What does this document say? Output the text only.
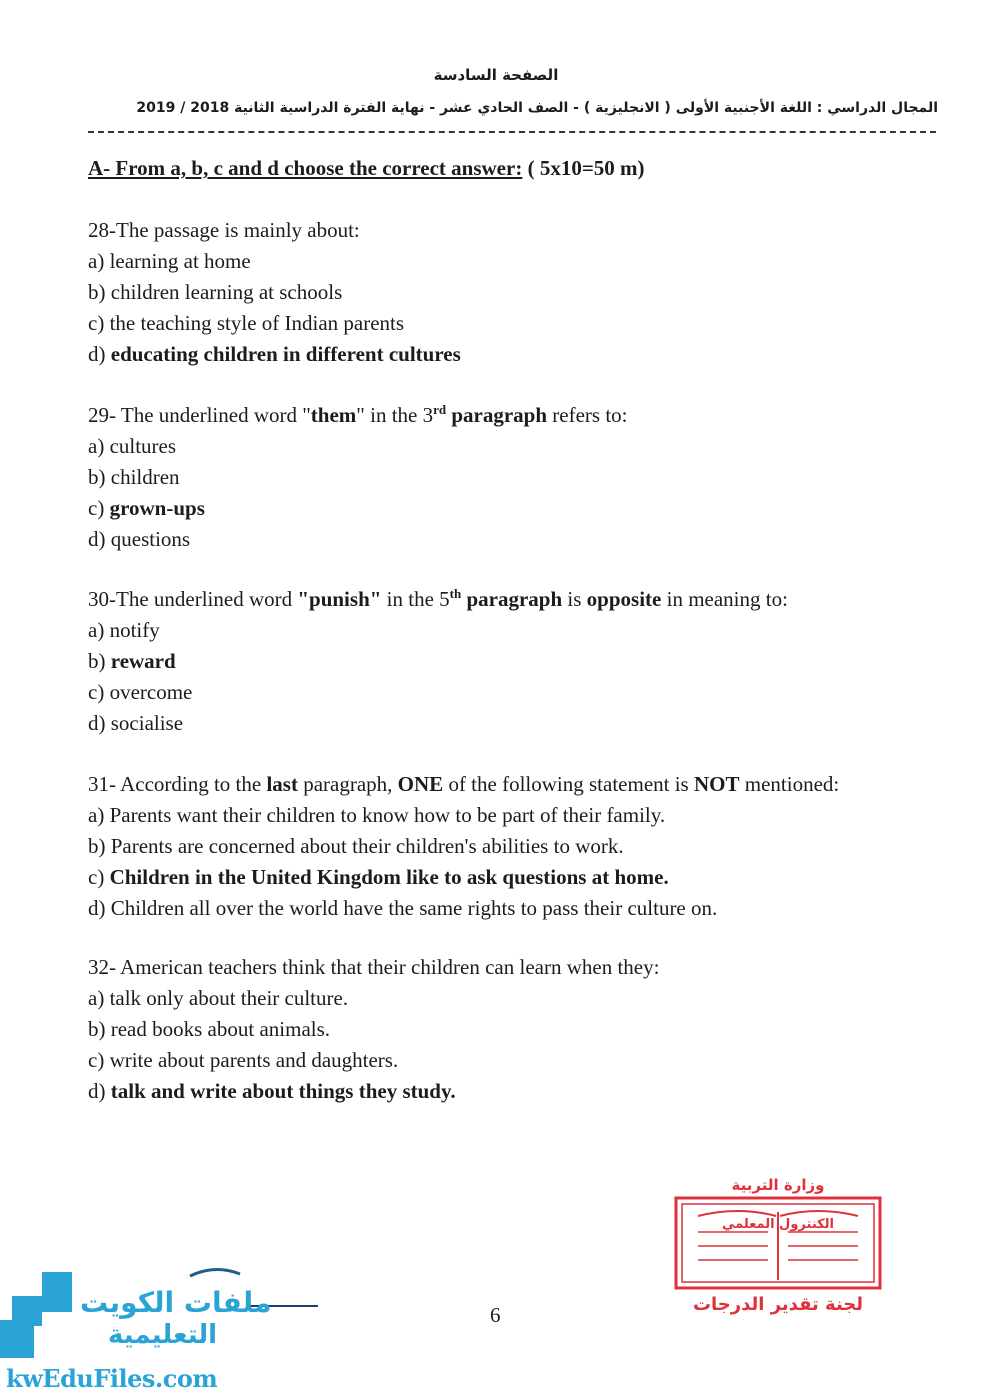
الصفحة السادسة
المجال الدراسي : اللغة الأجنبية الأولى ( الانجليزية ) - الصف الحادي عشر - نهاية الفترة الدراسية الثانية 2018 / 2019
A- From a, b, c and d choose the correct answer: ( 5x10=50 m)
28-The passage is mainly about:
a) learning at home
b) children learning at schools
c) the teaching style of Indian parents
d) educating children in different cultures
29- The underlined word "them" in the 3rd paragraph refers to:
a) cultures
b) children
c) grown-ups
d) questions
30-The underlined word "punish" in the 5th paragraph is opposite in meaning to:
a) notify
b) reward
c) overcome
d) socialise
31- According to the last paragraph, ONE of the following statement is NOT mentioned:
a) Parents want their children to know how to be part of their family.
b) Parents are concerned about their children's abilities to work.
c) Children in the United Kingdom like to ask questions at home.
d) Children all over the world have the same rights to pass their culture on.
32- American teachers think that their children can learn when they:
a) talk only about their culture.
b) read books about animals.
c) write about parents and daughters.
d) talk and write about things they study.
6
وزارة التربية
الكنترول المعلمي
لجنة تقدير الدرجات
ملفات الكويت
التعليمية
kwEduFiles.com
